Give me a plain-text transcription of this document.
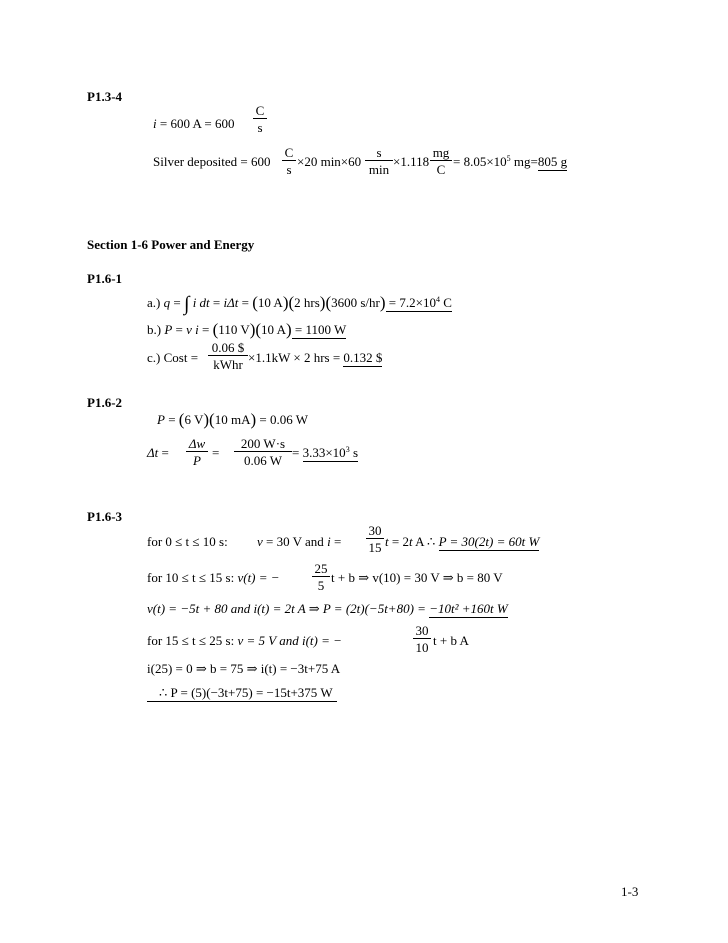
P1.3-4
i = 600 $A = 600 \frac{C}{s}$
Silver deposited = $600 \frac{C}{s} \times 20$ min×60
s
min
$\times 1.118 \frac{mg}{C} = 8.05\times 10^5$ mg=805 g
Section 1-6 Power and Energy
P1.6-1
a.) q = ∫ i dt = iΔt = (10 A)(2 hrs)(3600 $s/hr) = 7.2\times 10^4$ C
b.) P = v i = (110 V)(10 A) = 1100 W
c.) Cost =
0.06 $
kWhr ×1.1kW × 2 hrs = 0.132 $
P1.6-2
P = (6 V)(10 mA) = 0.06 W
$\Delta t = \frac{\Delta w}{P} = \frac{200 W\cdot s}{0.06 W} = 3.33\times 10^3$ s
P1.6-3
for 0 ≤ t ≤ 10 s: v = 30 V and $i = \frac{30}{15}$ t = 2t A ∴ P = 30(2t) = 60t W
for 10 ≤ t ≤ 15 s: v(t) = − $\frac{25}{5}$ t + b ⇒ v(10) = 30 V ⇒ b = 80 V
v(t) = −5t + 80 and i(t) = 2t A ⇒ P = (2t)(−5t+80) = −10t² +160t W
for 15 ≤ t ≤ 25 s: v = 5 V and i(t) = −	$\frac{30}{10}$ t + b A
i(25) = 0 ⇒ b = 75 ⇒ i(t) = −3t+75 A
∴ P = (5)(−3t+75) = −15t+375 W
1-3
